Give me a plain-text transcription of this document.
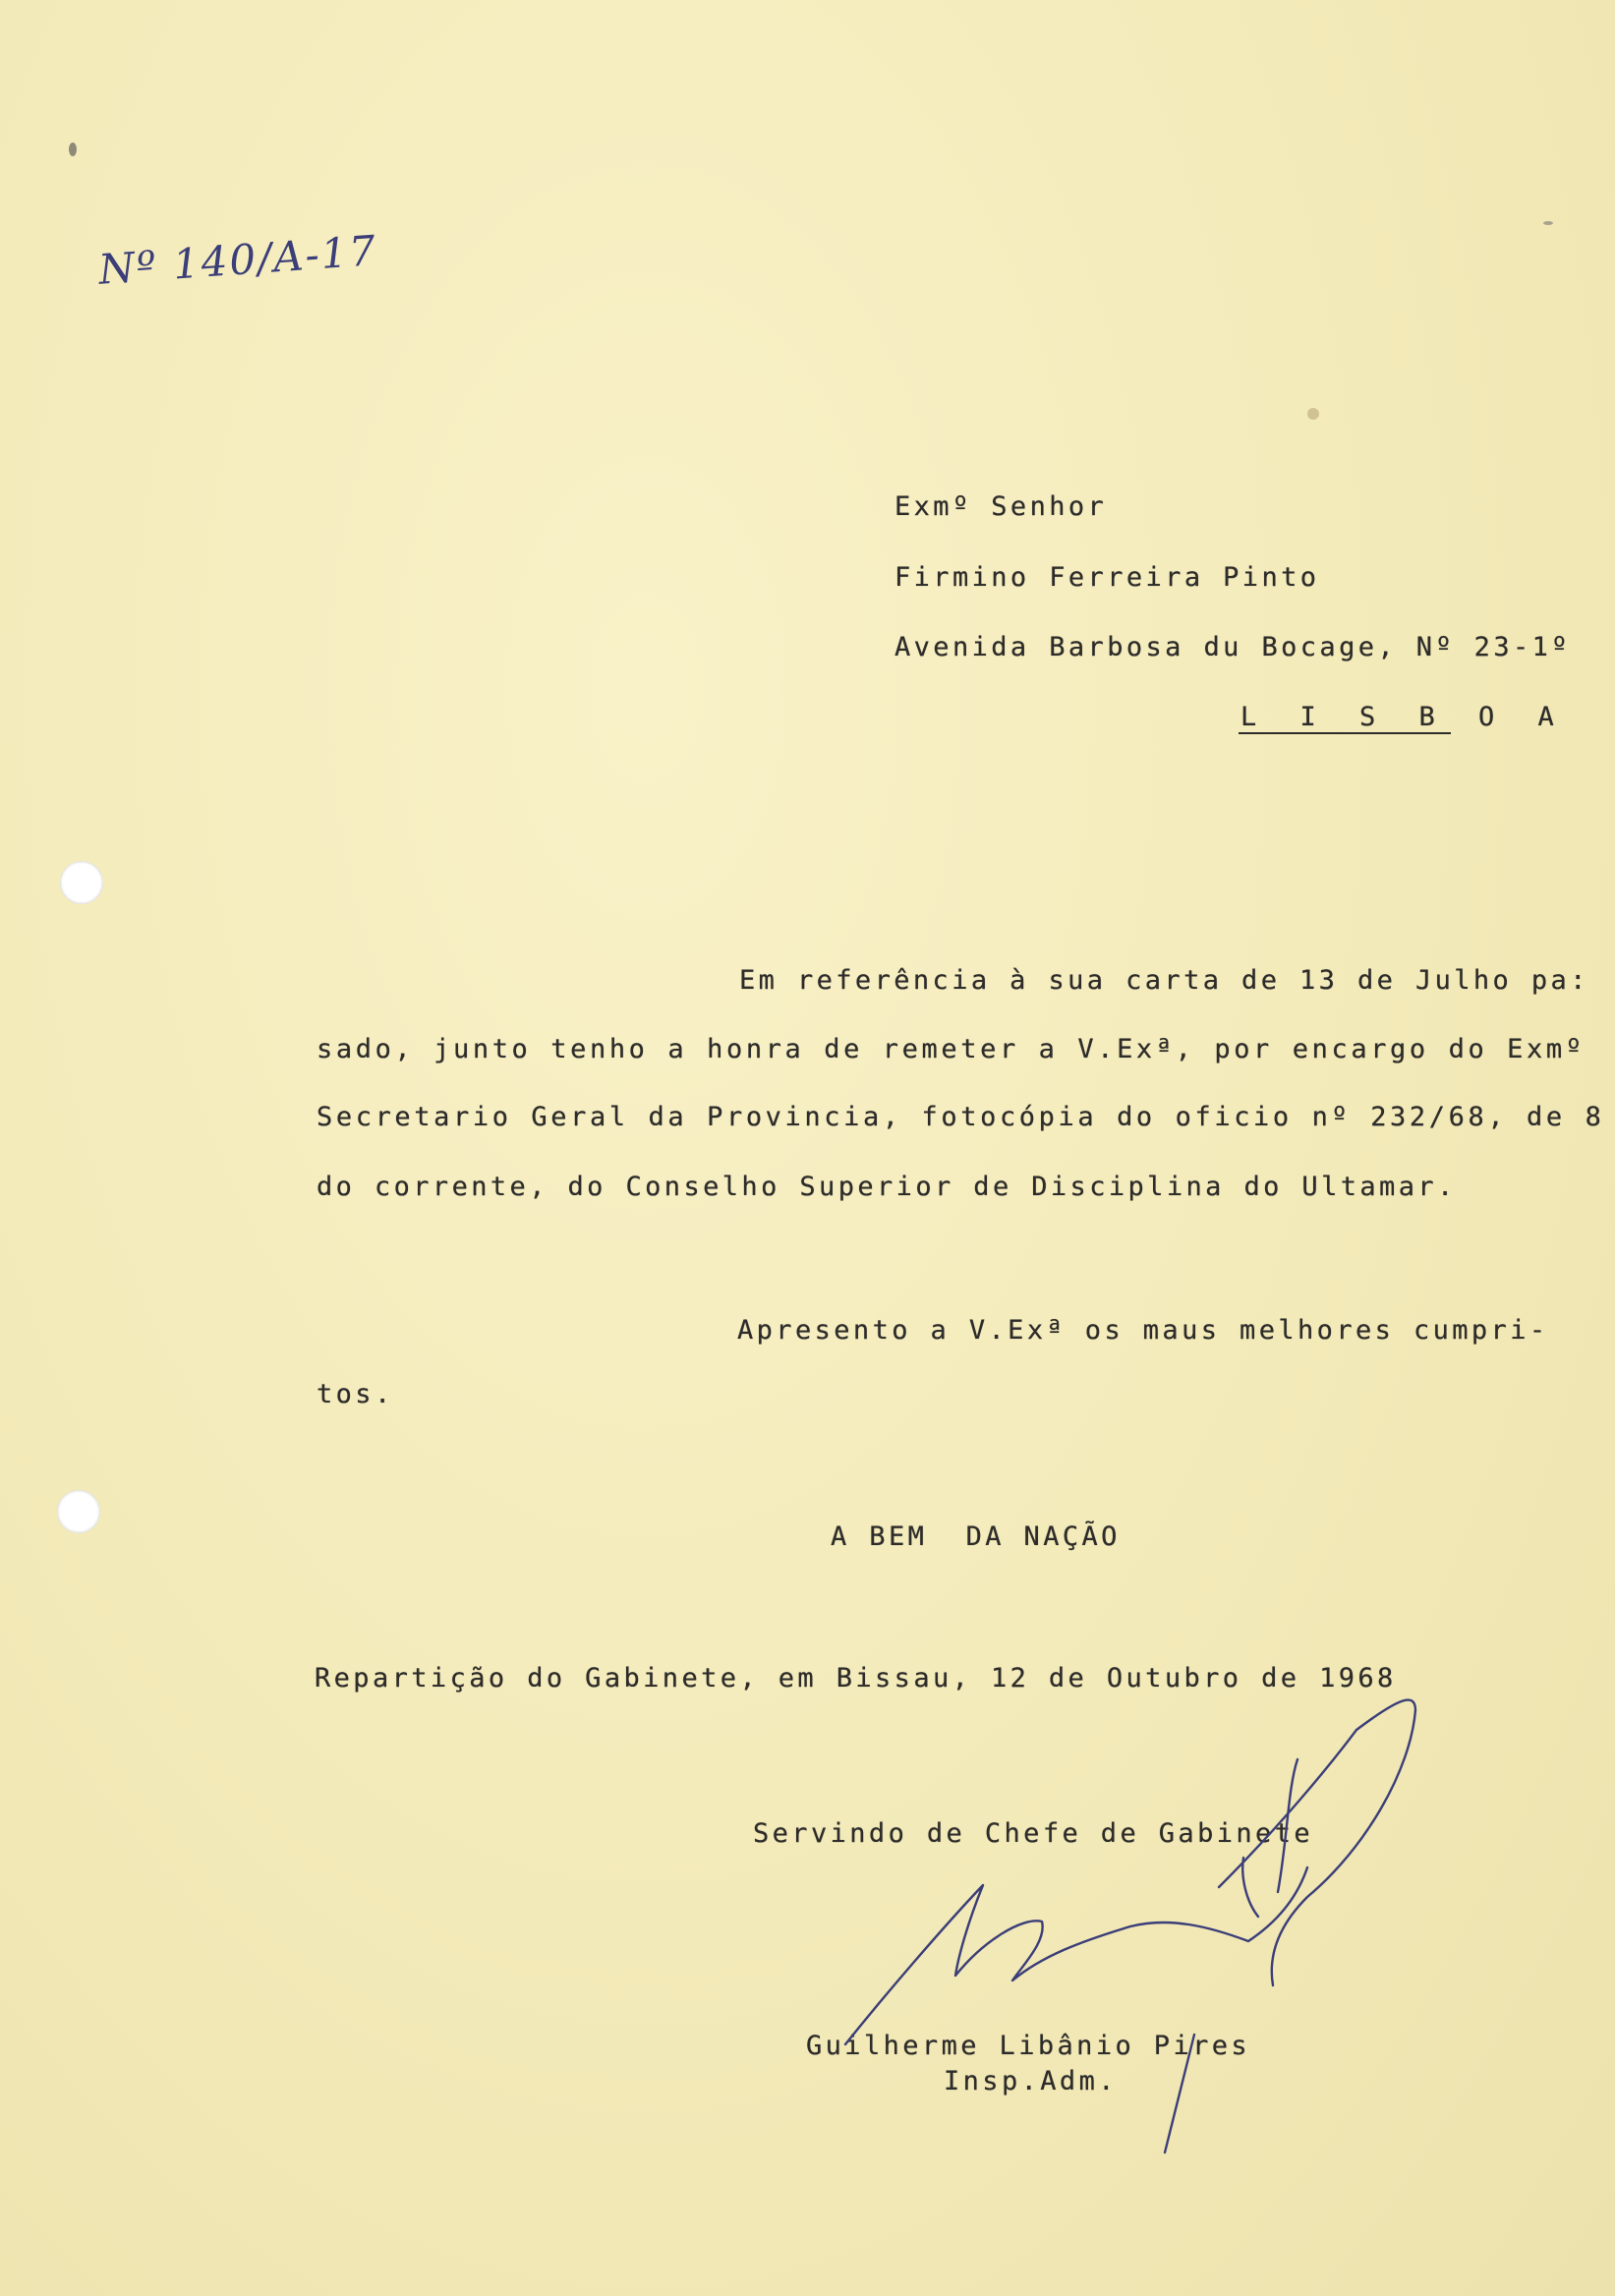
Nº 140/A-17
Exmº Senhor
Firmino Ferreira Pinto
Avenida Barbosa du Bocage, Nº 23-1º
L I S B O A
Em referência à sua carta de 13 de Julho pa:
sado, junto tenho a honra de remeter a V.Exª, por encargo do Exmº
Secretario Geral da Provincia, fotocópia do oficio nº 232/68, de 8
do corrente, do Conselho Superior de Disciplina do Ultamar.
Apresento a V.Exª os maus melhores cumpri-
tos.
A BEM  DA NAÇÃO
Repartição do Gabinete, em Bissau, 12 de Outubro de 1968
Servindo de Chefe de Gabinete
Guilherme Libânio Pires
Insp.Adm.
